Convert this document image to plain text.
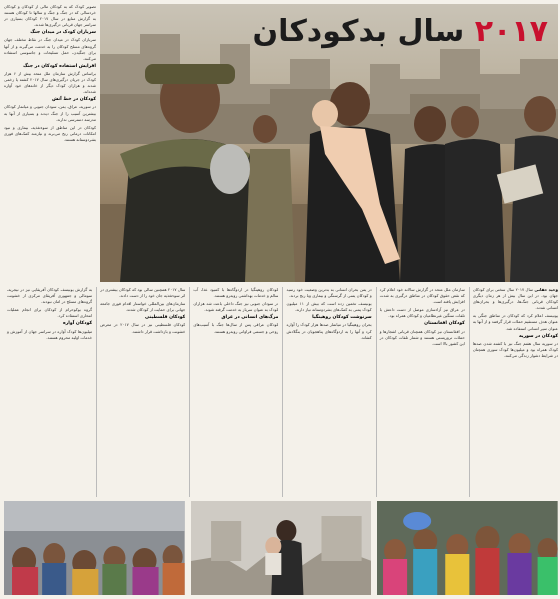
تصویر کودک که به کودکان مالی از کودکان و کودکان خردسالی که در جنگ و جنگ و سالها تا کودکان هستند به گزارش منابع در سال ۲۰۱۷ کودکان بسیاری در سراسر جهان قربانی درگیری‌ها شدند.

سربازان کودک در میدان جنگ

سربازان کودک در میدان جنگ در نقاط مختلف جهان گروه‌های مسلح کودکان را به خدمت می‌گیرند و از آنها برای جنگیدن، حمل تسلیحات و جاسوسی استفاده می‌کنند.

افزایش استفاده کودکان در جنگ

براساس گزارش سازمان ملل متحد بیش از ۶ هزار کودک در جریان درگیری‌های سال ۲۰۱۷ کشته یا زخمی شدند و هزاران کودک دیگر از خانه‌های خود آواره شده‌اند.

کودکان در خط آتش

در سوریه، عراق، یمن، سودان جنوبی و میانمار کودکان بیشترین آسیب را از جنگ دیدند و بسیاری از آنها به مدرسه دسترسی ندارند.

کودکان در این مناطق از سوءتغذیه، بیماری و نبود امکانات درمانی رنج می‌برند و نیازمند کمک‌های فوری بشردوستانه هستند.

۲۰۱۷ سال بدکودکان

وحید حقانی سال ۲۰۱۷ سال سختی برای کودکان جهان بود. در این سال بیش از هر زمان دیگری کودکان قربانی جنگ‌ها، درگیری‌ها و بحران‌های انسانی شدند.

یونیسف اعلام کرد که کودکان در مناطق جنگی به عنوان هدف مستقیم حملات قرار گرفتند و از آنها به عنوان سپر انسانی استفاده شد.

کودکان در سوریه

در سوریه سال هفتم جنگ نیز با کشته شدن صدها کودک همراه بود و میلیون‌ها کودک سوری همچنان در شرایط دشوار زندگی می‌کنند.

سازمان ملل متحد در گزارش سالانه خود اعلام کرد که نقض حقوق کودکان در مناطق درگیری به شدت افزایش یافته است.

در عراق نیز آزادسازی موصل از دست داعش با تلفات سنگین غیرنظامیان و کودکان همراه بود.

کودکان افغانستان

در افغانستان نیز کودکان همچنان قربانی انفجارها و حملات تروریستی هستند و شمار تلفات کودکان در این کشور بالا است.

در یمن بحران انسانی به بدترین وضعیت خود رسید و کودکان یمنی از گرسنگی و بیماری وبا رنج بردند.

یونیسف تخمین زده است که بیش از ۱۱ میلیون کودک یمنی به کمک‌های بشردوستانه نیاز دارند.

سرنوشت کودکان روهینگیا

بحران روهینگیا در میانمار صدها هزار کودک را آواره کرد و آنها را به اردوگاه‌های پناهجویان در بنگلادش کشاند.

کودکان روهینگیا در اردوگاه‌ها با کمبود غذا، آب سالم و خدمات بهداشتی روبه‌رو هستند.

در سودان جنوبی نیز جنگ داخلی باعث شد هزاران کودک به عنوان سرباز به خدمت گرفته شوند.

مرگ‌های انسانی در عراق

کودکان عراقی پس از سال‌ها جنگ با آسیب‌های روحی و جسمی فراوانی روبه‌رو هستند.

سال ۲۰۱۷ همچنین سالی بود که کودکان بیشتری در اثر سوءتغذیه جان خود را از دست دادند.

سازمان‌های بین‌المللی خواستار اقدام فوری جامعه جهانی برای حمایت از کودکان شدند.

کودکان فلسطینی

کودکان فلسطینی نیز در سال ۲۰۱۷ در معرض خشونت و بازداشت قرار داشتند.

به گزارش یونیسف کودکان آفریقایی نیز در نیجریه، سومالی و جمهوری آفریقای مرکزی از خشونت گروه‌های مسلح در امان نبودند.

گروه بوکوحرام از کودکان برای انجام عملیات انتحاری استفاده کرد.

کودکان آواره

میلیون‌ها کودک آواره در سراسر جهان از آموزش و خدمات اولیه محروم هستند.
